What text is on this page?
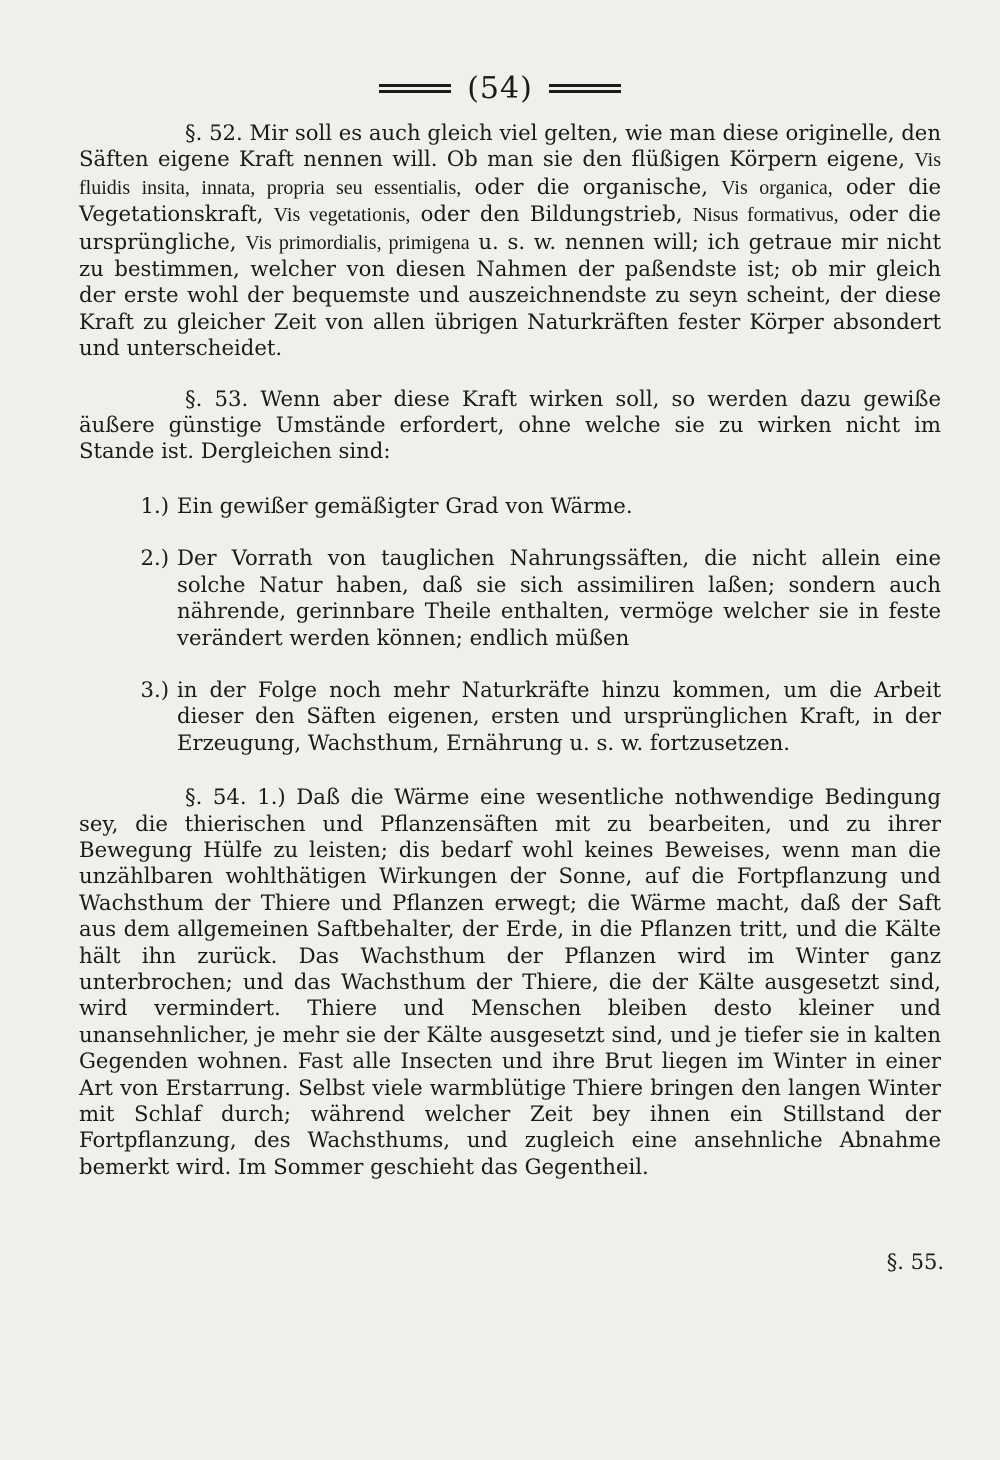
(54)

§. 52. Mir soll es auch gleich viel gelten, wie man diese originelle, den Säften eigene Kraft nennen will. Ob man sie den flüßigen Körpern eigene, Vis fluidis insita, innata, propria seu essentialis, oder die organische, Vis organica, oder die Vegetationskraft, Vis vegetationis, oder den Bildungstrieb, Nisus formativus, oder die ursprüngliche, Vis primordialis, primigena u. s. w. nennen will; ich getraue mir nicht zu bestimmen, welcher von diesen Nahmen der paßendste ist; ob mir gleich der erste wohl der bequemste und auszeichnendste zu seyn scheint, der diese Kraft zu gleicher Zeit von allen übrigen Naturkräften fester Körper absondert und unterscheidet.

§. 53. Wenn aber diese Kraft wirken soll, so werden dazu gewiße äußere günstige Umstände erfordert, ohne welche sie zu wirken nicht im Stande ist. Dergleichen sind:

1.) Ein gewißer gemäßigter Grad von Wärme.
2.) Der Vorrath von tauglichen Nahrungssäften, die nicht allein eine solche Natur haben, daß sie sich assimiliren laßen; sondern auch nährende, gerinnbare Theile enthalten, vermöge welcher sie in feste verändert werden können; endlich müßen
3.) in der Folge noch mehr Naturkräfte hinzu kommen, um die Arbeit dieser den Säften eigenen, ersten und ursprünglichen Kraft, in der Erzeugung, Wachsthum, Ernährung u. s. w. fortzusetzen.

§. 54. 1.) Daß die Wärme eine wesentliche nothwendige Bedingung sey, die thierischen und Pflanzensäften mit zu bearbeiten, und zu ihrer Bewegung Hülfe zu leisten; dis bedarf wohl keines Beweises, wenn man die unzählbaren wohlthätigen Wirkungen der Sonne, auf die Fortpflanzung und Wachsthum der Thiere und Pflanzen erwegt; die Wärme macht, daß der Saft aus dem allgemeinen Saftbehalter, der Erde, in die Pflanzen tritt, und die Kälte hält ihn zurück. Das Wachsthum der Pflanzen wird im Winter ganz unterbrochen; und das Wachsthum der Thiere, die der Kälte ausgesetzt sind, wird vermindert. Thiere und Menschen bleiben desto kleiner und unansehnlicher, je mehr sie der Kälte ausgesetzt sind, und je tiefer sie in kalten Gegenden wohnen. Fast alle Insecten und ihre Brut liegen im Winter in einer Art von Erstarrung. Selbst viele warmblütige Thiere bringen den langen Winter mit Schlaf durch; während welcher Zeit bey ihnen ein Stillstand der Fortpflanzung, des Wachsthums, und zugleich eine ansehnliche Abnahme bemerkt wird. Im Sommer geschieht das Gegentheil.

§. 55.
